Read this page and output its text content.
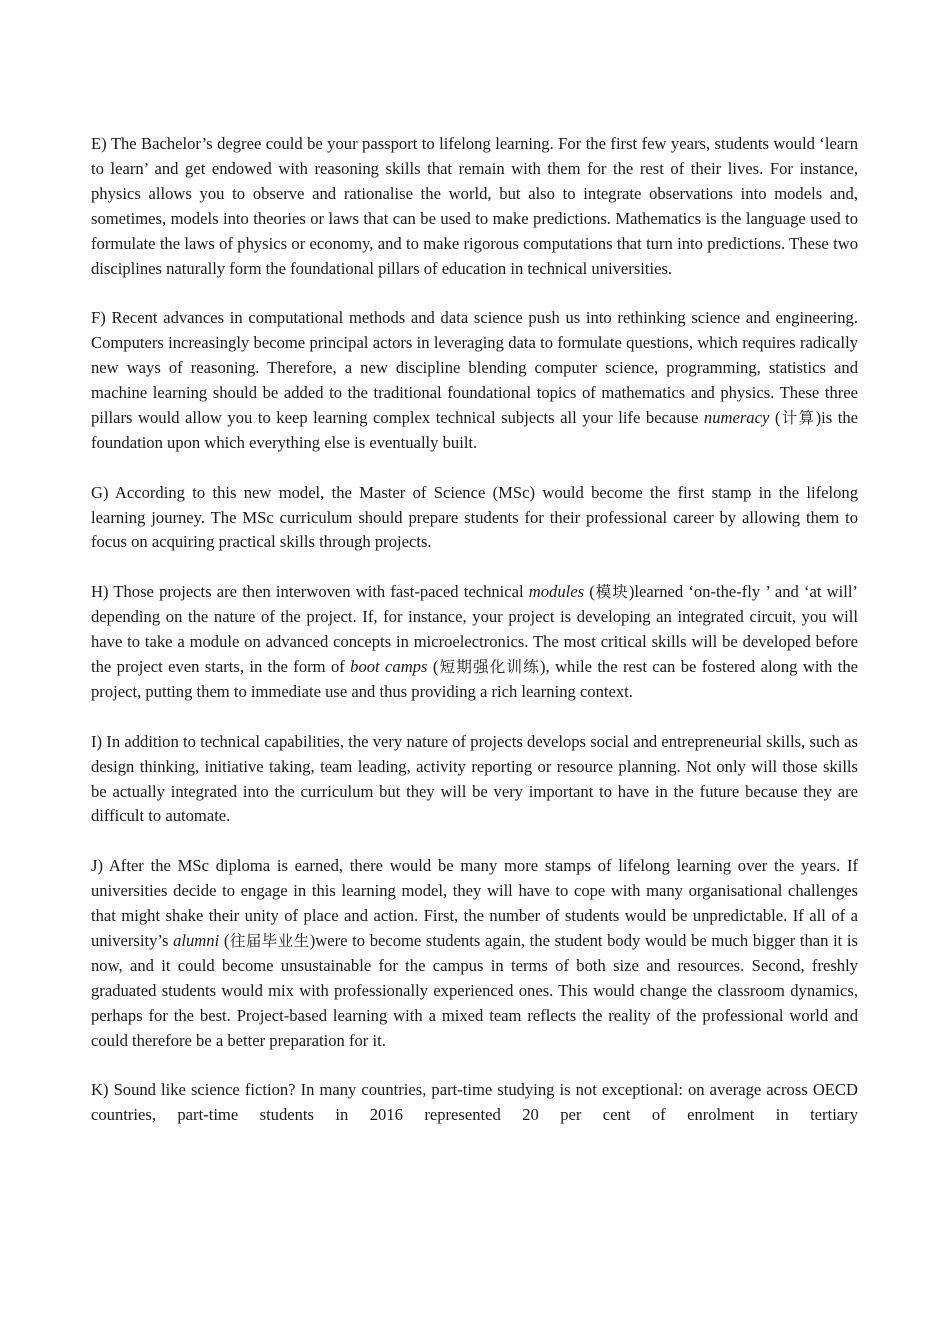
E) The Bachelor’s degree could be your passport to lifelong learning. For the first few years, students would ‘learn to learn’ and get endowed with reasoning skills that remain with them for the rest of their lives. For instance, physics allows you to observe and rationalise the world, but also to integrate observations into models and, sometimes, models into theories or laws that can be used to make predictions. Mathematics is the language used to formulate the laws of physics or economy, and to make rigorous computations that turn into predictions. These two disciplines naturally form the foundational pillars of education in technical universities.

F) Recent advances in computational methods and data science push us into rethinking science and engineering. Computers increasingly become principal actors in leveraging data to formulate questions, which requires radically new ways of reasoning. Therefore, a new discipline blending computer science, programming, statistics and machine learning should be added to the traditional foundational topics of mathematics and physics. These three pillars would allow you to keep learning complex technical subjects all your life because numeracy (计算)is the foundation upon which everything else is eventually built.

G) According to this new model, the Master of Science (MSc) would become the first stamp in the lifelong learning journey. The MSc curriculum should prepare students for their professional career by allowing them to focus on acquiring practical skills through projects.

H) Those projects are then interwoven with fast-paced technical modules (模块)learned ‘on-the-fly ’ and ‘at will’ depending on the nature of the project. If, for instance, your project is developing an integrated circuit, you will have to take a module on advanced concepts in microelectronics. The most critical skills will be developed before the project even starts, in the form of boot camps (短期强化训练), while the rest can be fostered along with the project, putting them to immediate use and thus providing a rich learning context.

I) In addition to technical capabilities, the very nature of projects develops social and entrepreneurial skills, such as design thinking, initiative taking, team leading, activity reporting or resource planning. Not only will those skills be actually integrated into the curriculum but they will be very important to have in the future because they are difficult to automate.

J) After the MSc diploma is earned, there would be many more stamps of lifelong learning over the years. If universities decide to engage in this learning model, they will have to cope with many organisational challenges that might shake their unity of place and action. First, the number of students would be unpredictable. If all of a university’s alumni (往届毕业生)were to become students again, the student body would be much bigger than it is now, and it could become unsustainable for the campus in terms of both size and resources. Second, freshly graduated students would mix with professionally experienced ones. This would change the classroom dynamics, perhaps for the best. Project-based learning with a mixed team reflects the reality of the professional world and could therefore be a better preparation for it.

K) Sound like science fiction? In many countries, part-time studying is not exceptional: on average across OECD countries, part-time students in 2016 represented 20 per cent of enrolment in tertiary
